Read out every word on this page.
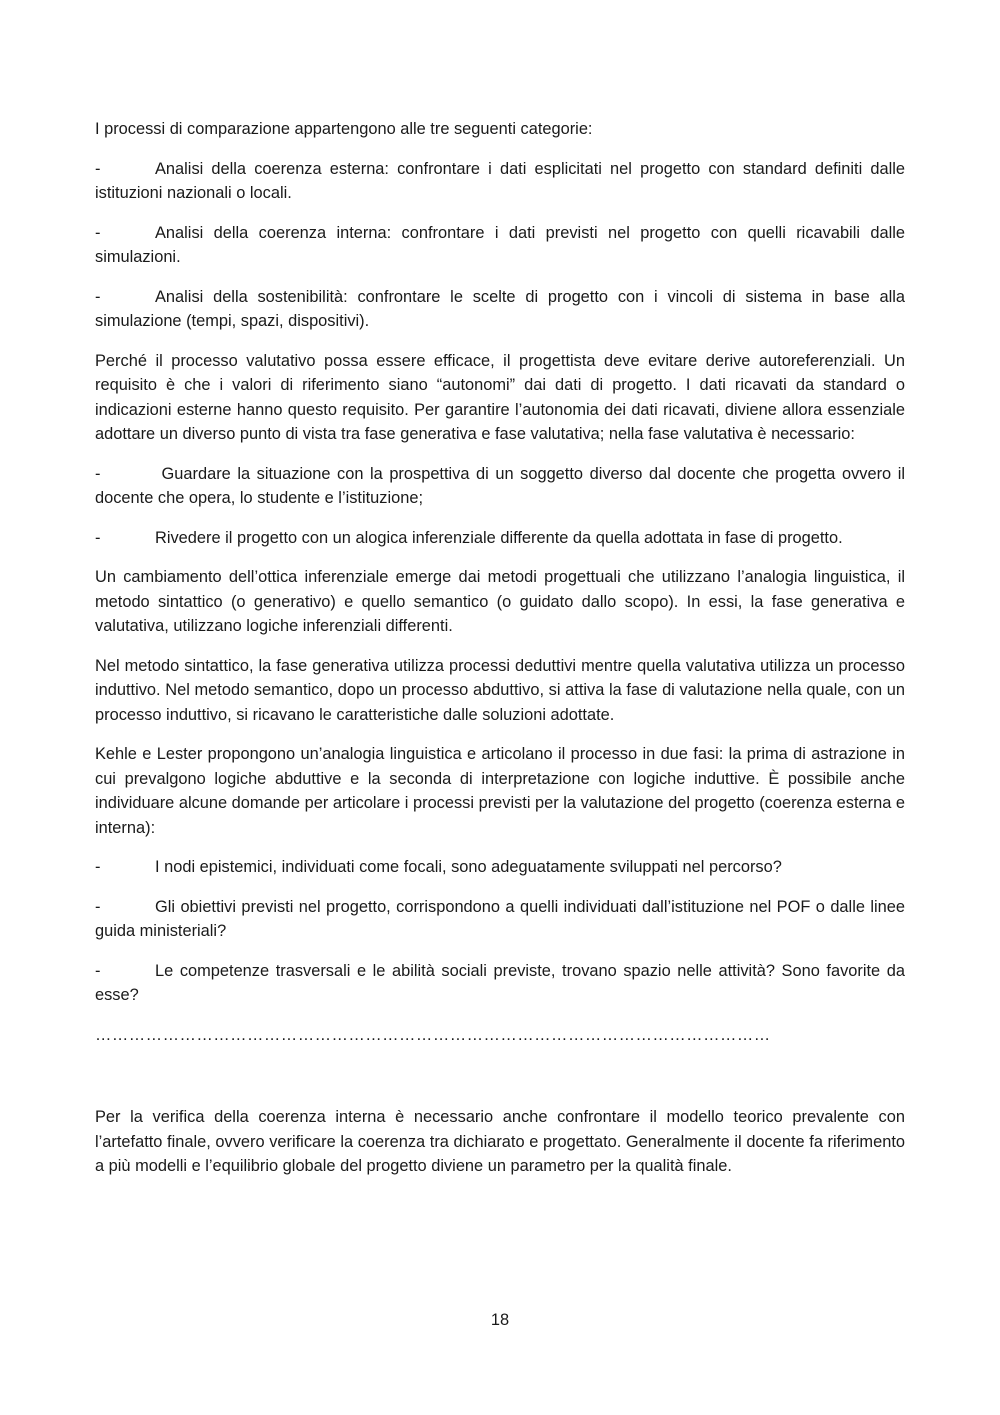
I processi di comparazione appartengono alle tre seguenti categorie:

-	Analisi della coerenza esterna: confrontare i dati esplicitati nel progetto con standard definiti dalle istituzioni nazionali o locali.
-	Analisi della coerenza interna: confrontare i dati previsti nel progetto con quelli ricavabili dalle simulazioni.
-	Analisi della sostenibilità: confrontare le scelte di progetto con i vincoli di sistema in base alla simulazione (tempi, spazi, dispositivi).

Perché il processo valutativo possa essere efficace, il progettista deve evitare derive autoreferenziali. Un requisito è che i valori di riferimento siano “autonomi” dai dati di progetto. I dati ricavati da standard o indicazioni esterne hanno questo requisito. Per garantire l’autonomia dei dati ricavati, diviene allora essenziale adottare un diverso punto di vista tra fase generativa e fase valutativa; nella fase valutativa è necessario:

-	Guardare la situazione con la prospettiva di un soggetto diverso dal docente che progetta ovvero il docente che opera, lo studente e l’istituzione;
-	Rivedere il progetto con un alogica inferenziale differente da quella adottata in fase di progetto.

Un cambiamento dell’ottica inferenziale emerge dai metodi progettuali che utilizzano l’analogia linguistica, il metodo sintattico (o generativo) e quello semantico (o guidato dallo scopo). In essi, la fase generativa e valutativa, utilizzano logiche inferenziali differenti.

Nel metodo sintattico, la fase generativa utilizza processi deduttivi mentre quella valutativa utilizza un processo induttivo. Nel metodo semantico, dopo un processo abduttivo, si attiva la fase di valutazione nella quale, con un processo induttivo, si ricavano le caratteristiche dalle soluzioni adottate.

Kehle e Lester propongono un’analogia linguistica e articolano il processo in due fasi: la prima di astrazione in cui prevalgono logiche abduttive e la seconda di interpretazione con logiche induttive. È possibile anche individuare alcune domande per articolare i processi previsti per la valutazione del progetto (coerenza esterna e interna):

-	I nodi epistemici, individuati come focali, sono adeguatamente sviluppati nel percorso?
-	Gli obiettivi previsti nel progetto, corrispondono a quelli individuati dall’istituzione nel POF o dalle linee guida ministeriali?
-	Le competenze trasversali e le abilità sociali previste, trovano spazio nelle attività? Sono favorite da esse?
…………………………………………………………………………………………………………

Per la verifica della coerenza interna è necessario anche confrontare il modello teorico prevalente con l’artefatto finale, ovvero verificare la coerenza tra dichiarato e progettato. Generalmente il docente fa riferimento a più modelli e l’equilibrio globale del progetto diviene un parametro per la qualità finale.

18
